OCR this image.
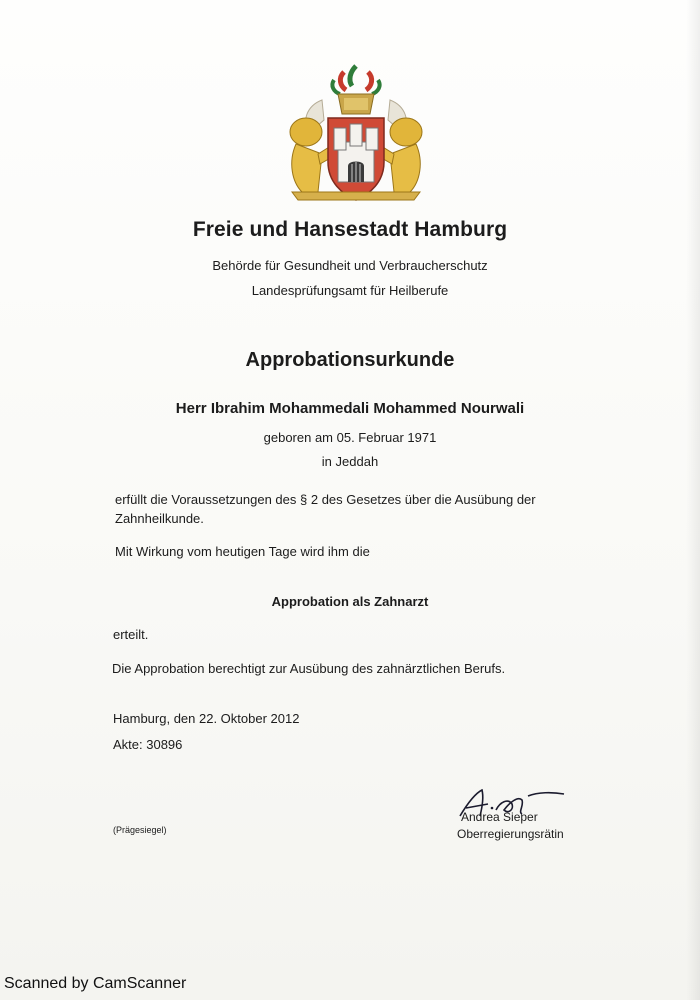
Freie und Hansestadt Hamburg
Behörde für Gesundheit und Verbraucherschutz
Landesprüfungsamt für Heilberufe
Approbationsurkunde
Herr Ibrahim Mohammedali Mohammed Nourwali
geboren am 05. Februar 1971
in Jeddah
erfüllt die Voraussetzungen des § 2 des Gesetzes über die Ausübung der
Zahnheilkunde.
Mit Wirkung vom heutigen Tage wird ihm die
Approbation als Zahnarzt
erteilt.
Die Approbation berechtigt zur Ausübung des zahnärztlichen Berufs.
Hamburg, den 22. Oktober 2012
Akte: 30896
(Prägesiegel)
Andrea Sieper
Oberregierungsrätin
Scanned by CamScanner
